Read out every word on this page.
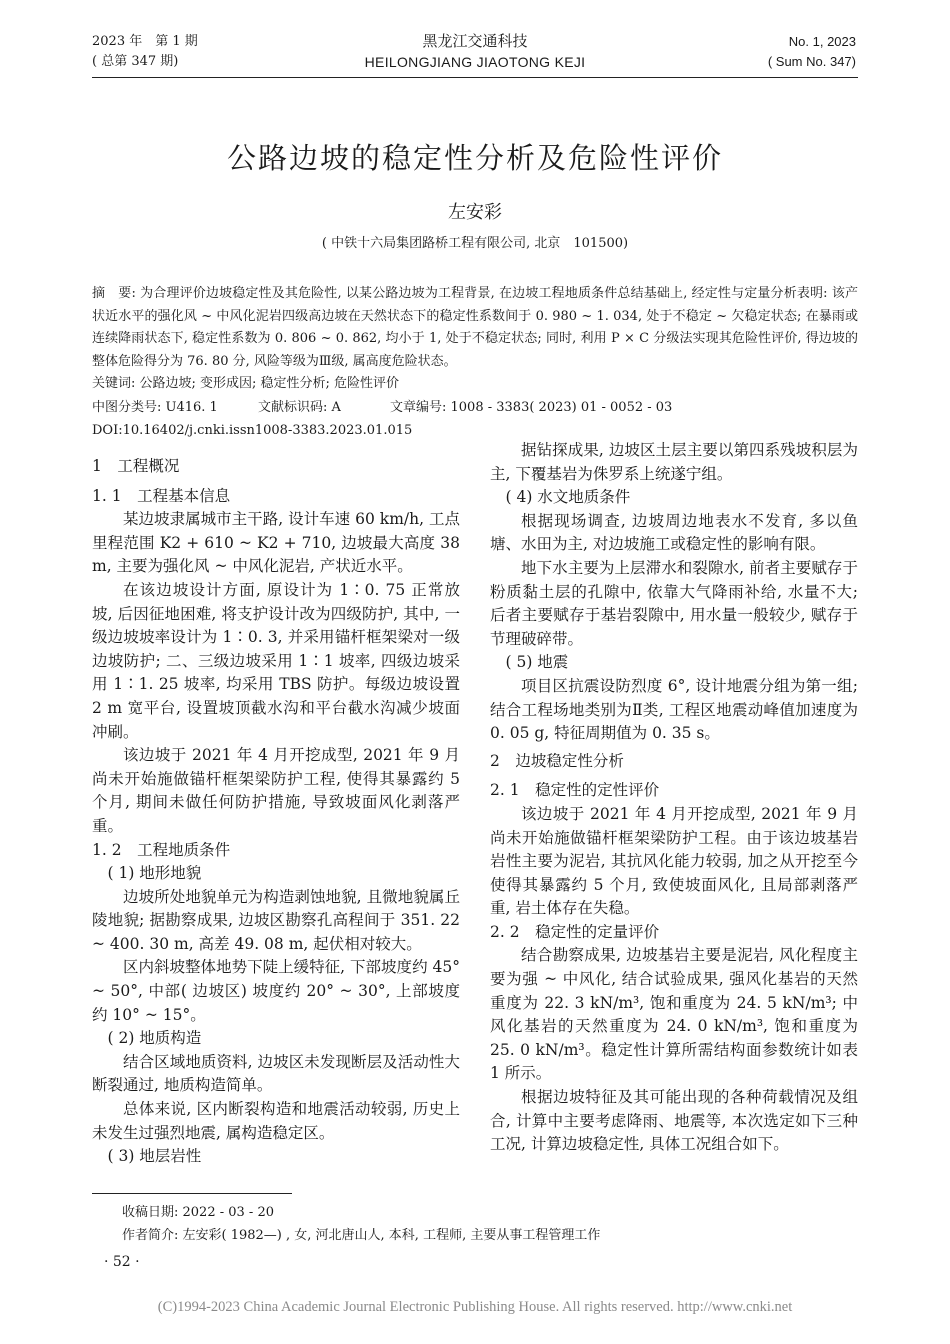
2023 年　第 1 期
( 总第 347 期)
黑龙江交通科技
HEILONGJIANG JIAOTONG KEJI
No. 1, 2023
( Sum No. 347)
公路边坡的稳定性分析及危险性评价
左安彩
( 中铁十六局集团路桥工程有限公司, 北京　101500)
摘　要: 为合理评价边坡稳定性及其危险性, 以某公路边坡为工程背景, 在边坡工程地质条件总结基础上, 经定性与定量分析表明: 该产状近水平的强化风 ~ 中风化泥岩四级高边坡在天然状态下的稳定性系数间于 0. 980 ~ 1. 034, 处于不稳定 ~ 欠稳定状态; 在暴雨或连续降雨状态下, 稳定性系数为 0. 806 ~ 0. 862, 均小于 1, 处于不稳定状态; 同时, 利用 P × C 分级法实现其危险性评价, 得边坡的整体危险得分为 76. 80 分, 风险等级为Ⅲ级, 属高度危险状态。
关键词: 公路边坡; 变形成因; 稳定性分析; 危险性评价
中图分类号: U416. 1	文献标识码: A	文章编号: 1008 - 3383( 2023) 01 - 0052 - 03
DOI:10.16402/j.cnki.issn1008-3383.2023.01.015
1　工程概况
1. 1　工程基本信息

某边坡隶属城市主干路, 设计车速 60 km/h, 工点里程范围 K2 + 610 ~ K2 + 710, 边坡最大高度 38 m, 主要为强化风 ~ 中风化泥岩, 产状近水平。

在该边坡设计方面, 原设计为 1∶0. 75 正常放坡, 后因征地困难, 将支护设计改为四级防护, 其中, 一级边坡坡率设计为 1∶0. 3, 并采用锚杆框架梁对一级边坡防护; 二、三级边坡采用 1∶1 坡率, 四级边坡采用 1∶1. 25 坡率, 均采用 TBS 防护。每级边坡设置 2 m 宽平台, 设置坡顶截水沟和平台截水沟减少坡面冲刷。

该边坡于 2021 年 4 月开挖成型, 2021 年 9 月尚未开始施做锚杆框架梁防护工程, 使得其暴露约 5 个月, 期间未做任何防护措施, 导致坡面风化剥落严重。

1. 2　工程地质条件
( 1) 地形地貌

边坡所处地貌单元为构造剥蚀地貌, 且微地貌属丘陵地貌; 据勘察成果, 边坡区勘察孔高程间于 351. 22 ~ 400. 30 m, 高差 49. 08 m, 起伏相对较大。

区内斜坡整体地势下陡上缓特征, 下部坡度约 45° ~ 50°, 中部( 边坡区) 坡度约 20° ~ 30°, 上部坡度约 10° ~ 15°。

( 2) 地质构造

结合区域地质资料, 边坡区未发现断层及活动性大断裂通过, 地质构造简单。

总体来说, 区内断裂构造和地震活动较弱, 历史上未发生过强烈地震, 属构造稳定区。

( 3) 地层岩性

据钻探成果, 边坡区土层主要以第四系残坡积层为主, 下覆基岩为侏罗系上统遂宁组。

( 4) 水文地质条件

根据现场调查, 边坡周边地表水不发育, 多以鱼塘、水田为主, 对边坡施工或稳定性的影响有限。

地下水主要为上层滞水和裂隙水, 前者主要赋存于粉质黏土层的孔隙中, 依靠大气降雨补给, 水量不大; 后者主要赋存于基岩裂隙中, 用水量一般较少, 赋存于节理破碎带。

( 5) 地震

项目区抗震设防烈度 6°, 设计地震分组为第一组; 结合工程场地类别为Ⅱ类, 工程区地震动峰值加速度为 0. 05 g, 特征周期值为 0. 35 s。

2　边坡稳定性分析
2. 1　稳定性的定性评价

该边坡于 2021 年 4 月开挖成型, 2021 年 9 月尚未开始施做锚杆框架梁防护工程。由于该边坡基岩岩性主要为泥岩, 其抗风化能力较弱, 加之从开挖至今使得其暴露约 5 个月, 致使坡面风化, 且局部剥落严重, 岩土体存在失稳。

2. 2　稳定性的定量评价

结合勘察成果, 边坡基岩主要是泥岩, 风化程度主要为强 ~ 中风化, 结合试验成果, 强风化基岩的天然重度为 22. 3 kN/m³, 饱和重度为 24. 5 kN/m³; 中风化基岩的天然重度为 24. 0 kN/m³, 饱和重度为 25. 0 kN/m³。稳定性计算所需结构面参数统计如表 1 所示。

根据边坡特征及其可能出现的各种荷载情况及组合, 计算中主要考虑降雨、地震等, 本次选定如下三种工况, 计算边坡稳定性, 具体工况组合如下。

收稿日期: 2022 - 03 - 20
作者简介: 左安彩( 1982—) , 女, 河北唐山人, 本科, 工程师, 主要从事工程管理工作
· 52 ·
(C)1994-2023 China Academic Journal Electronic Publishing House. All rights reserved. http://www.cnki.net
